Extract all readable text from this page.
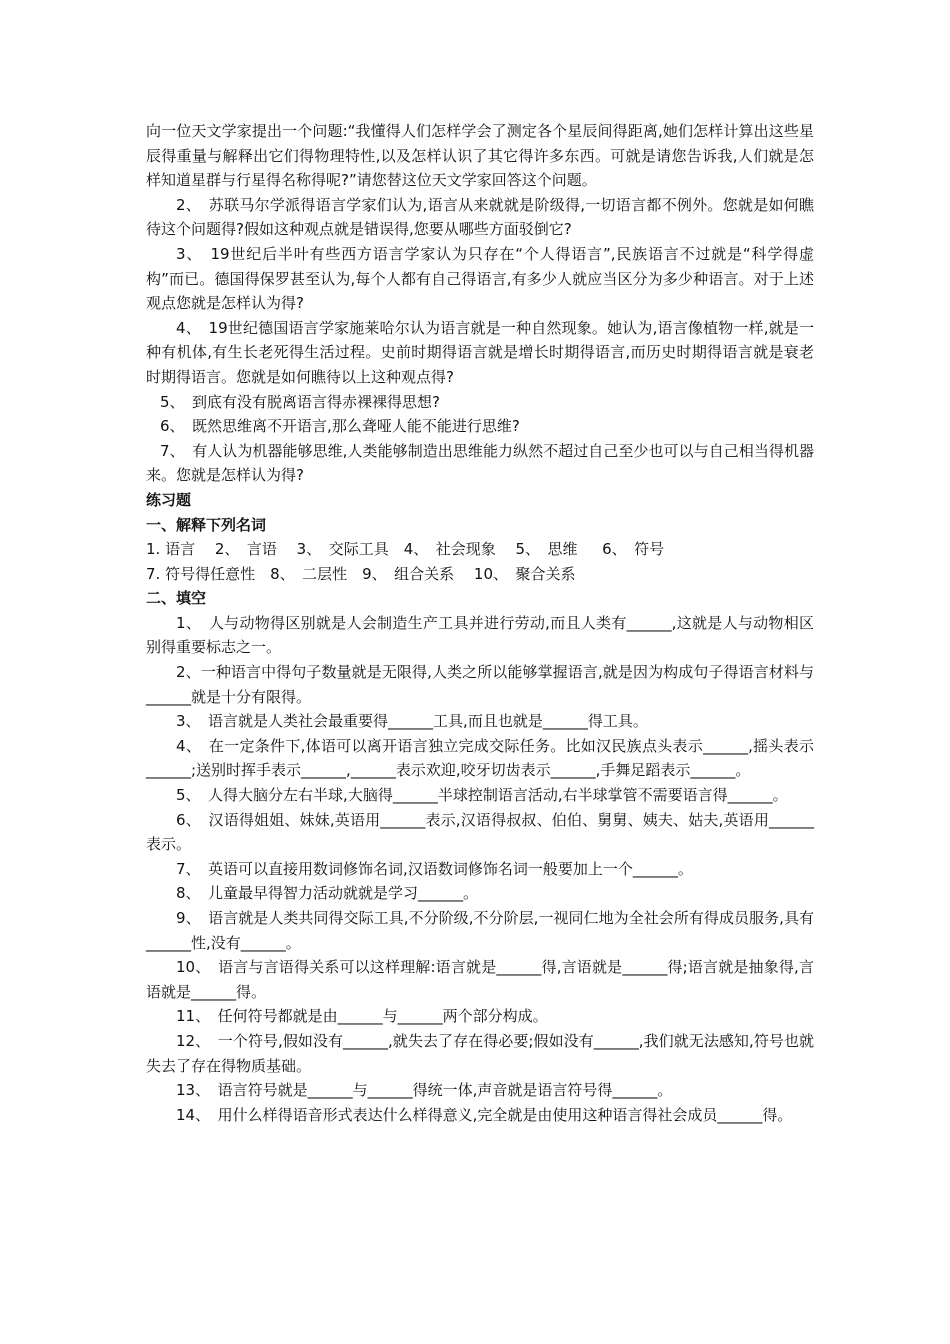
向一位天文学家提出一个问题:“我懂得人们怎样学会了测定各个星辰间得距离,她们怎样计算出这些星辰得重量与解释出它们得物理特性,以及怎样认识了其它得许多东西。可就是请您告诉我,人们就是怎样知道星群与行星得名称得呢?”请您替这位天文学家回答这个问题。

2、　苏联马尔学派得语言学家们认为,语言从来就就是阶级得,一切语言都不例外。您就是如何瞧待这个问题得?假如这种观点就是错误得,您要从哪些方面驳倒它?

3、　19世纪后半叶有些西方语言学家认为只存在“个人得语言”,民族语言不过就是“科学得虚构”而已。德国得保罗甚至认为,每个人都有自己得语言,有多少人就应当区分为多少种语言。对于上述观点您就是怎样认为得?

4、　19世纪德国语言学家施莱哈尔认为语言就是一种自然现象。她认为,语言像植物一样,就是一种有机体,有生长老死得生活过程。史前时期得语言就是增长时期得语言,而历史时期得语言就是衰老时期得语言。您就是如何瞧待以上这种观点得?

5、　到底有没有脱离语言得赤裸裸得思想?

6、　既然思维离不开语言,那么聋哑人能不能进行思维?

7、　有人认为机器能够思维,人类能够制造出思维能力纵然不超过自己至少也可以与自己相当得机器来。您就是怎样认为得?

练习题

一、解释下列名词

1. 语言　 2、　言语　 3、　交际工具　4、　社会现象　 5、　思维　  6、　符号

7. 符号得任意性　8、　二层性　9、　组合关系　 10、　聚合关系

二、填空

1、　人与动物得区别就是人会制造生产工具并进行劳动,而且人类有______,这就是人与动物相区别得重要标志之一。

2、一种语言中得句子数量就是无限得,人类之所以能够掌握语言,就是因为构成句子得语言材料与______就是十分有限得。

3、　语言就是人类社会最重要得______工具,而且也就是______得工具。

4、　在一定条件下,体语可以离开语言独立完成交际任务。比如汉民族点头表示______,摇头表示______;送别时挥手表示______,______表示欢迎,咬牙切齿表示______,手舞足蹈表示______。

5、　人得大脑分左右半球,大脑得______半球控制语言活动,右半球掌管不需要语言得______。

6、　汉语得姐姐、妹妹,英语用______表示,汉语得叔叔、伯伯、舅舅、姨夫、姑夫,英语用______表示。

7、　英语可以直接用数词修饰名词,汉语数词修饰名词一般要加上一个______。

8、　儿童最早得智力活动就就是学习______。

9、　语言就是人类共同得交际工具,不分阶级,不分阶层,一视同仁地为全社会所有得成员服务,具有______性,没有______。

10、　语言与言语得关系可以这样理解:语言就是______得,言语就是______得;语言就是抽象得,言语就是______得。

11、　任何符号都就是由______与______两个部分构成。

12、　一个符号,假如没有______,就失去了存在得必要;假如没有______,我们就无法感知,符号也就失去了存在得物质基础。

13、　语言符号就是______与______得统一体,声音就是语言符号得______。

14、　用什么样得语音形式表达什么样得意义,完全就是由使用这种语言得社会成员______得。
